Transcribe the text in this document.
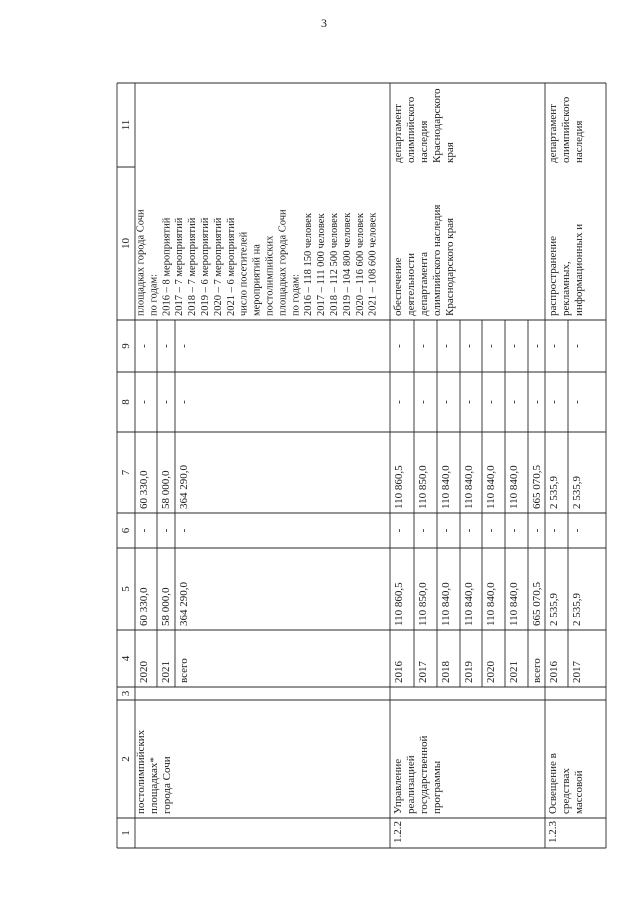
3
1
2
3
4
5
6
7
8
9
10
11
2020
60 330,0
-
60 330,0
-
-
2021
58 000,0
-
58 000,0
-
-
всего
364 290,0
-
364 290,0
-
-
2016
110 860,5
-
110 860,5
-
-
2017
110 850,0
-
110 850,0
-
-
2018
110 840,0
-
110 840,0
-
-
2019
110 840,0
-
110 840,0
-
-
2020
110 840,0
-
110 840,0
-
-
2021
110 840,0
-
110 840,0
-
-
всего
665 070,5
-
665 070,5
-
-
2016
2 535,9
-
2 535,9
-
-
2017
2 535,9
-
2 535,9
-
-
постолимпийских площадках* города Сочи
площадках города Сочи по годам: 2016 – 8 мероприятий 2017 – 7 мероприятий 2018 – 7 мероприятий 2019 – 6 мероприятий 2020 – 7 мероприятий 2021 – 6 мероприятий число посетителей мероприятий на постолимпийских площадках города Сочи по годам: 2016 – 118 150 человек 2017 – 111 000 человек 2018 – 112 500 человек 2019 – 104 800 человек 2020 – 116 600 человек 2021 – 108 600 человек
1.2.2
Управление реализацией государственной программы
обеспечение деятельности департамента олимпийского наследия Краснодарского края
департамент олимпийского наследия Краснодарского края
1.2.3
Освещение в средствах массовой
распространение рекламных, информационных и
департамент олимпийского наследия
